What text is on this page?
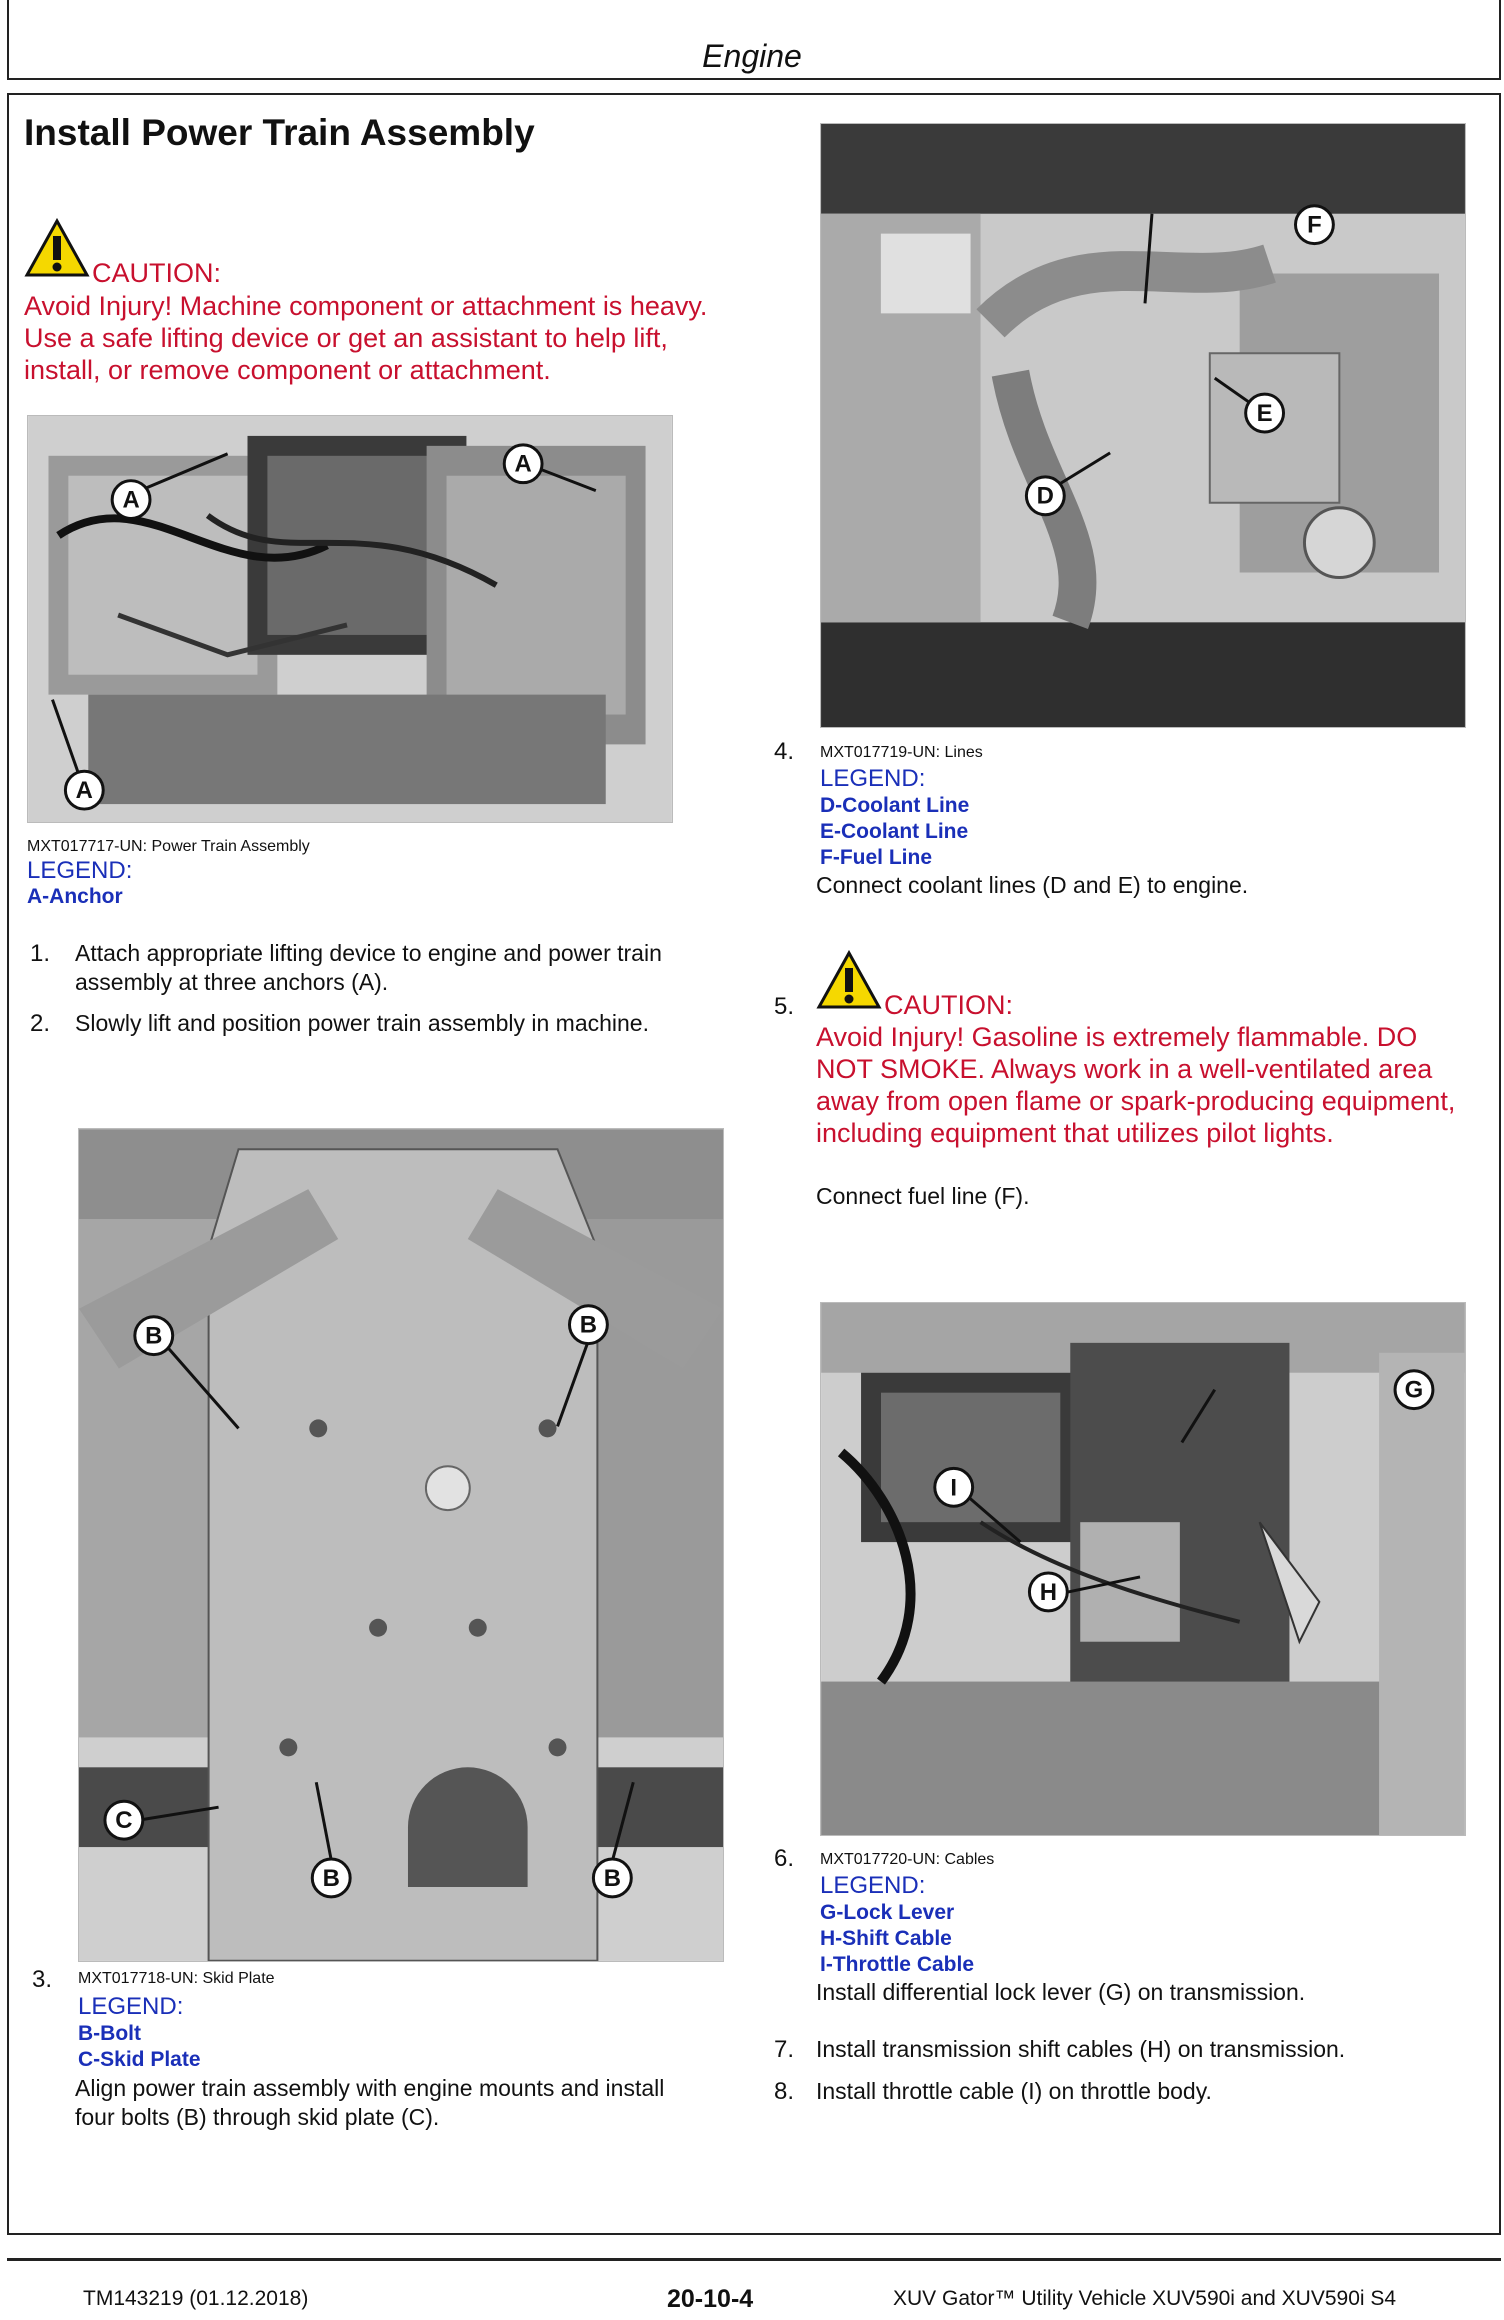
Engine
Install Power Train Assembly
CAUTION:
Avoid Injury! Machine component or attachment is heavy.
Use a safe lifting device or get an assistant to help lift,
install, or remove component or attachment.
A
A
A
MXT017717-UN: Power Train Assembly
LEGEND:
A-Anchor
1. Attach appropriate lifting device to engine and power train
assembly at three anchors (A).
2. Slowly lift and position power train assembly in machine.
B	B
B	B
C
3. MXT017718-UN: Skid Plate
LEGEND:
B-Bolt
C-Skid Plate
Align power train assembly with engine mounts and install
four bolts (B) through skid plate (C).
F
E
D
4. MXT017719-UN: Lines
LEGEND:
D-Coolant Line
E-Coolant Line
F-Fuel Line
Connect coolant lines (D and E) to engine.
5.	CAUTION:
Avoid Injury! Gasoline is extremely flammable. DO
NOT SMOKE. Always work in a well-ventilated area
away from open flame or spark-producing equipment,
including equipment that utilizes pilot lights.
Connect fuel line (F).
G
I
H
6. MXT017720-UN: Cables
LEGEND:
G-Lock Lever
H-Shift Cable
I-Throttle Cable
Install differential lock lever (G) on transmission.
7. Install transmission shift cables (H) on transmission.
8. Install throttle cable (I) on throttle body.
TM143219 (01.12.2018)	20-10-4	XUV Gator™ Utility Vehicle XUV590i and XUV590i S4
